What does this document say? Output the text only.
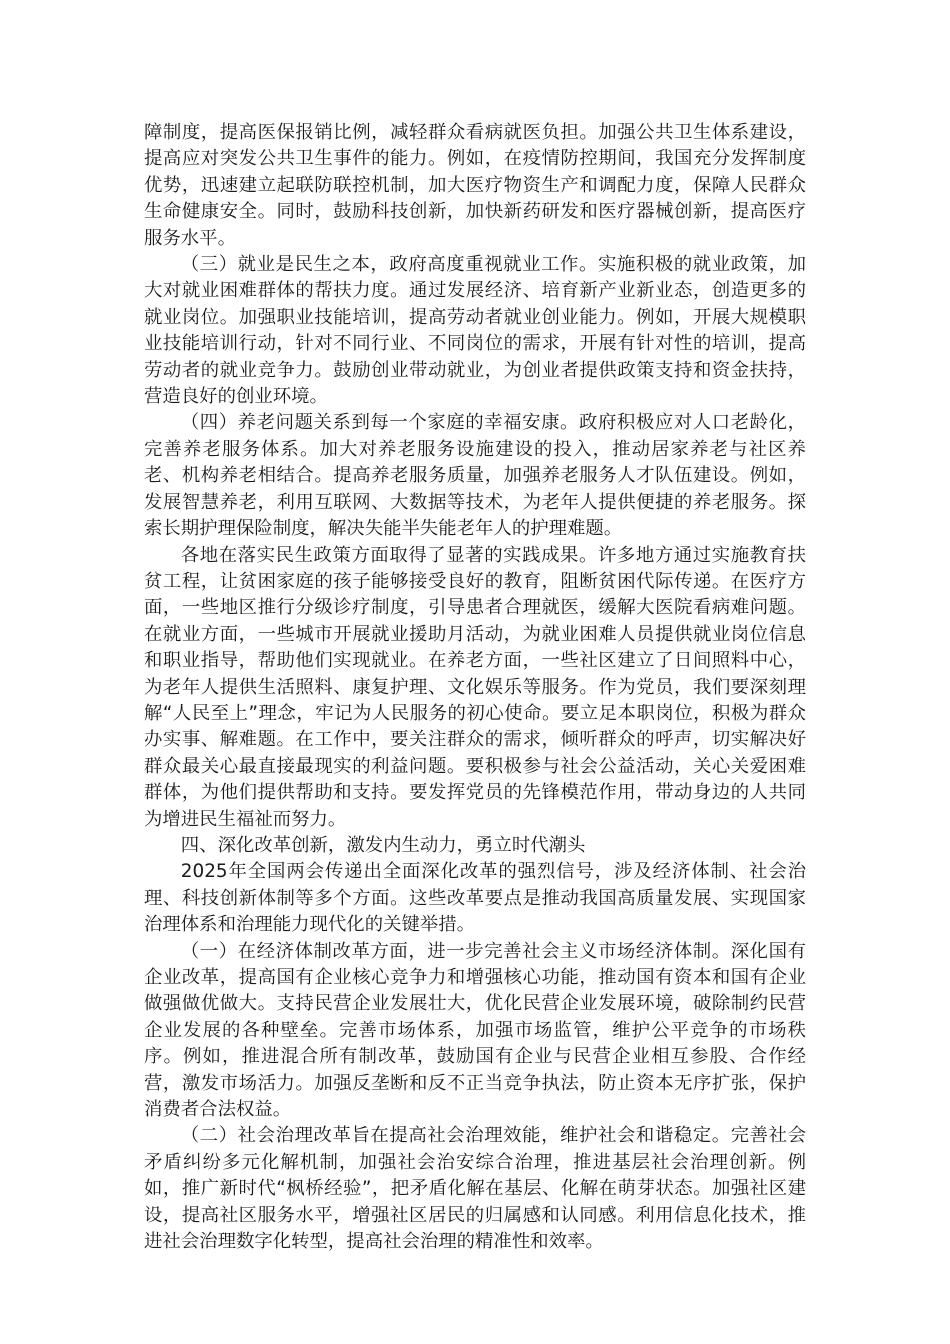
障制度，提高医保报销比例，减轻群众看病就医负担。加强公共卫生体系建设，提高应对突发公共卫生事件的能力。例如，在疫情防控期间，我国充分发挥制度优势，迅速建立起联防联控机制，加大医疗物资生产和调配力度，保障人民群众生命健康安全。同时，鼓励科技创新，加快新药研发和医疗器械创新，提高医疗服务水平。

（三）就业是民生之本，政府高度重视就业工作。实施积极的就业政策，加大对就业困难群体的帮扶力度。通过发展经济、培育新产业新业态，创造更多的就业岗位。加强职业技能培训，提高劳动者就业创业能力。例如，开展大规模职业技能培训行动，针对不同行业、不同岗位的需求，开展有针对性的培训，提高劳动者的就业竞争力。鼓励创业带动就业，为创业者提供政策支持和资金扶持，营造良好的创业环境。

（四）养老问题关系到每一个家庭的幸福安康。政府积极应对人口老龄化，完善养老服务体系。加大对养老服务设施建设的投入，推动居家养老与社区养老、机构养老相结合。提高养老服务质量，加强养老服务人才队伍建设。例如，发展智慧养老，利用互联网、大数据等技术，为老年人提供便捷的养老服务。探索长期护理保险制度，解决失能半失能老年人的护理难题。

各地在落实民生政策方面取得了显著的实践成果。许多地方通过实施教育扶贫工程，让贫困家庭的孩子能够接受良好的教育，阻断贫困代际传递。在医疗方面，一些地区推行分级诊疗制度，引导患者合理就医，缓解大医院看病难问题。在就业方面，一些城市开展就业援助月活动，为就业困难人员提供就业岗位信息和职业指导，帮助他们实现就业。在养老方面，一些社区建立了日间照料中心，为老年人提供生活照料、康复护理、文化娱乐等服务。作为党员，我们要深刻理解“人民至上”理念，牢记为人民服务的初心使命。要立足本职岗位，积极为群众办实事、解难题。在工作中，要关注群众的需求，倾听群众的呼声，切实解决好群众最关心最直接最现实的利益问题。要积极参与社会公益活动，关心关爱困难群体，为他们提供帮助和支持。要发挥党员的先锋模范作用，带动身边的人共同为增进民生福祉而努力。

四、深化改革创新，激发内生动力，勇立时代潮头

2025年全国两会传递出全面深化改革的强烈信号，涉及经济体制、社会治理、科技创新体制等多个方面。这些改革要点是推动我国高质量发展、实现国家治理体系和治理能力现代化的关键举措。

（一）在经济体制改革方面，进一步完善社会主义市场经济体制。深化国有企业改革，提高国有企业核心竞争力和增强核心功能，推动国有资本和国有企业做强做优做大。支持民营企业发展壮大，优化民营企业发展环境，破除制约民营企业发展的各种壁垒。完善市场体系，加强市场监管，维护公平竞争的市场秩序。例如，推进混合所有制改革，鼓励国有企业与民营企业相互参股、合作经营，激发市场活力。加强反垄断和反不正当竞争执法，防止资本无序扩张，保护消费者合法权益。

（二）社会治理改革旨在提高社会治理效能，维护社会和谐稳定。完善社会矛盾纠纷多元化解机制，加强社会治安综合治理，推进基层社会治理创新。例如，推广新时代“枫桥经验”，把矛盾化解在基层、化解在萌芽状态。加强社区建设，提高社区服务水平，增强社区居民的归属感和认同感。利用信息化技术，推进社会治理数字化转型，提高社会治理的精准性和效率。
